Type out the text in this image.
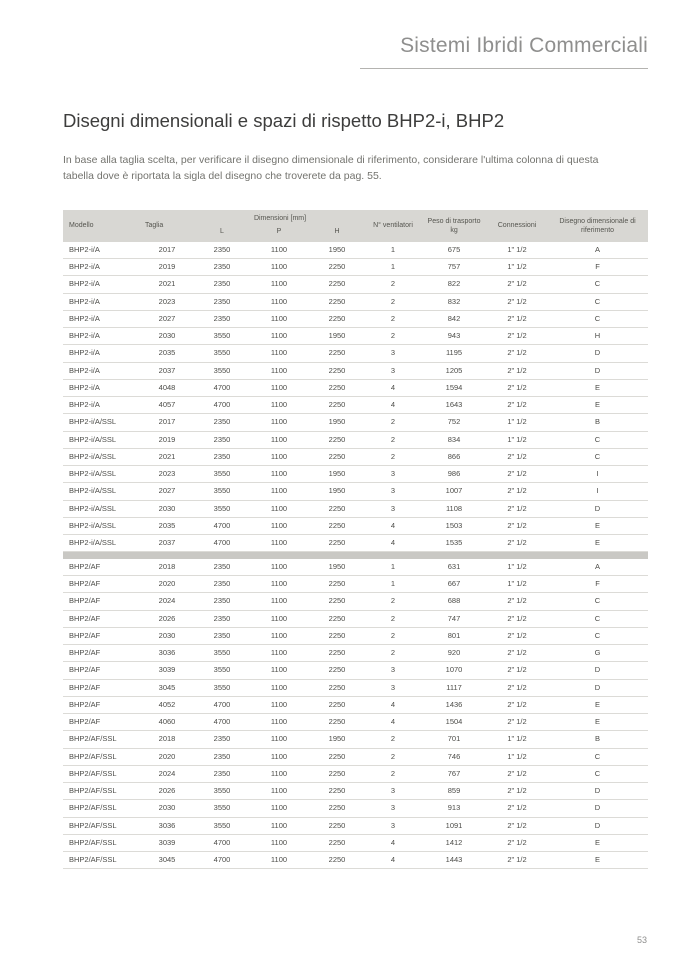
Sistemi Ibridi Commerciali
Disegni dimensionali e spazi di rispetto BHP2-i, BHP2

In base alla taglia scelta, per verificare il disegno dimensionale di riferimento, considerare l'ultima colonna di questa tabella dove è riportata la sigla del disegno che troverete da pag. 55.

Modello	Taglia	Dimensioni [mm]			N° ventilatori	Peso di trasporto kg	Connessioni	Disegno dimensionale di riferimento
		L	P	H				
BHP2-i/A	2017	2350	1100	1950	1	675	1" 1/2	A
BHP2-i/A	2019	2350	1100	2250	1	757	1" 1/2	F
BHP2-i/A	2021	2350	1100	2250	2	822	2" 1/2	C
BHP2-i/A	2023	2350	1100	2250	2	832	2" 1/2	C
BHP2-i/A	2027	2350	1100	2250	2	842	2" 1/2	C
BHP2-i/A	2030	3550	1100	1950	2	943	2" 1/2	H
BHP2-i/A	2035	3550	1100	2250	3	1195	2" 1/2	D
BHP2-i/A	2037	3550	1100	2250	3	1205	2" 1/2	D
BHP2-i/A	4048	4700	1100	2250	4	1594	2" 1/2	E
BHP2-i/A	4057	4700	1100	2250	4	1643	2" 1/2	E
BHP2-i/A/SSL	2017	2350	1100	1950	2	752	1" 1/2	B
BHP2-i/A/SSL	2019	2350	1100	2250	2	834	1" 1/2	C
BHP2-i/A/SSL	2021	2350	1100	2250	2	866	2" 1/2	C
BHP2-i/A/SSL	2023	3550	1100	1950	3	986	2" 1/2	I
BHP2-i/A/SSL	2027	3550	1100	1950	3	1007	2" 1/2	I
BHP2-i/A/SSL	2030	3550	1100	2250	3	1108	2" 1/2	D
BHP2-i/A/SSL	2035	4700	1100	2250	4	1503	2" 1/2	E
BHP2-i/A/SSL	2037	4700	1100	2250	4	1535	2" 1/2	E

BHP2/AF	2018	2350	1100	1950	1	631	1" 1/2	A
BHP2/AF	2020	2350	1100	2250	1	667	1" 1/2	F
BHP2/AF	2024	2350	1100	2250	2	688	2" 1/2	C
BHP2/AF	2026	2350	1100	2250	2	747	2" 1/2	C
BHP2/AF	2030	2350	1100	2250	2	801	2" 1/2	C
BHP2/AF	3036	3550	1100	2250	2	920	2" 1/2	G
BHP2/AF	3039	3550	1100	2250	3	1070	2" 1/2	D
BHP2/AF	3045	3550	1100	2250	3	1117	2" 1/2	D
BHP2/AF	4052	4700	1100	2250	4	1436	2" 1/2	E
BHP2/AF	4060	4700	1100	2250	4	1504	2" 1/2	E
BHP2/AF/SSL	2018	2350	1100	1950	2	701	1" 1/2	B
BHP2/AF/SSL	2020	2350	1100	2250	2	746	1" 1/2	C
BHP2/AF/SSL	2024	2350	1100	2250	2	767	2" 1/2	C
BHP2/AF/SSL	2026	3550	1100	2250	3	859	2" 1/2	D
BHP2/AF/SSL	2030	3550	1100	2250	3	913	2" 1/2	D
BHP2/AF/SSL	3036	3550	1100	2250	3	1091	2" 1/2	D
BHP2/AF/SSL	3039	4700	1100	2250	4	1412	2" 1/2	E
BHP2/AF/SSL	3045	4700	1100	2250	4	1443	2" 1/2	E
53
